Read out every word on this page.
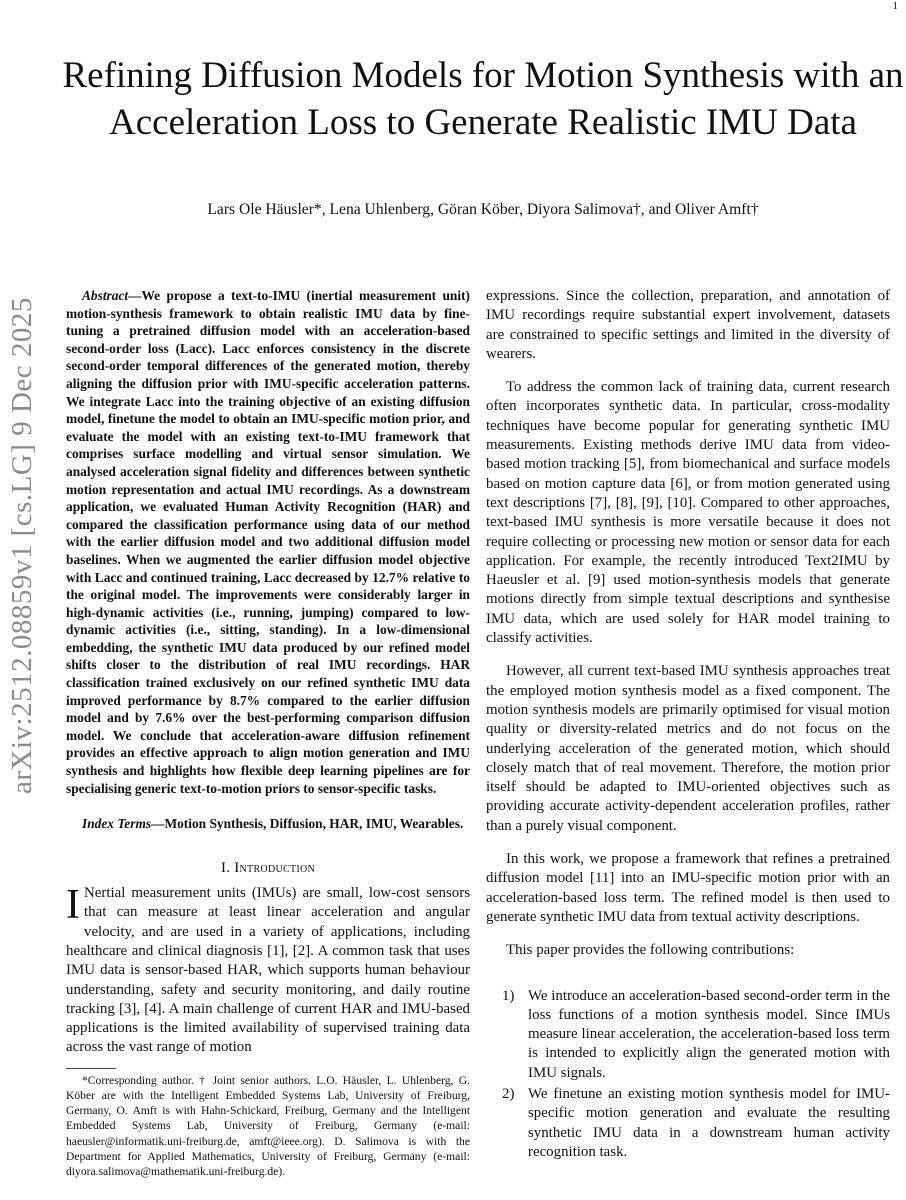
1
arXiv:2512.08859v1 [cs.LG] 9 Dec 2025
Refining Diffusion Models for Motion Synthesis with an Acceleration Loss to Generate Realistic IMU Data
Lars Ole Häusler*, Lena Uhlenberg, Göran Köber, Diyora Salimova†, and Oliver Amft†

Abstract—We propose a text-to-IMU (inertial measurement unit) motion-synthesis framework to obtain realistic IMU data by fine-tuning a pretrained diffusion model with an acceleration-based second-order loss (Lacc). Lacc enforces consistency in the discrete second-order temporal differences of the generated motion, thereby aligning the diffusion prior with IMU-specific acceleration patterns. We integrate Lacc into the training objective of an existing diffusion model, finetune the model to obtain an IMU-specific motion prior, and evaluate the model with an existing text-to-IMU framework that comprises surface modelling and virtual sensor simulation. We analysed acceleration signal fidelity and differences between synthetic motion representation and actual IMU recordings. As a downstream application, we evaluated Human Activity Recognition (HAR) and compared the classification performance using data of our method with the earlier diffusion model and two additional diffusion model baselines. When we augmented the earlier diffusion model objective with Lacc and continued training, Lacc decreased by 12.7% relative to the original model. The improvements were considerably larger in high-dynamic activities (i.e., running, jumping) compared to low-dynamic activities (i.e., sitting, standing). In a low-dimensional embedding, the synthetic IMU data produced by our refined model shifts closer to the distribution of real IMU recordings. HAR classification trained exclusively on our refined synthetic IMU data improved performance by 8.7% compared to the earlier diffusion model and by 7.6% over the best-performing comparison diffusion model. We conclude that acceleration-aware diffusion refinement provides an effective approach to align motion generation and IMU synthesis and highlights how flexible deep learning pipelines are for specialising generic text-to-motion priors to sensor-specific tasks.

Index Terms—Motion Synthesis, Diffusion, HAR, IMU, Wearables.

I. Introduction

I Nertial measurement units (IMUs) are small, low-cost sensors that can measure at least linear acceleration and angular velocity, and are used in a variety of applications, including healthcare and clinical diagnosis [1], [2]. A common task that uses IMU data is sensor-based HAR, which supports human behaviour understanding, safety and security monitoring, and daily routine tracking [3], [4]. A main challenge of current HAR and IMU-based applications is the limited availability of supervised training data across the vast range of motion

*Corresponding author. † Joint senior authors. L.O. Häusler, L. Uhlenberg, G. Köber are with the Intelligent Embedded Systems Lab, University of Freiburg, Germany, O. Amft is with Hahn-Schickard, Freiburg, Germany and the Intelligent Embedded Systems Lab, University of Freiburg, Germany (e-mail: haeusler@informatik.uni-freiburg.de, amft@ieee.org). D. Salimova is with the Department for Applied Mathematics, University of Freiburg, Germany (e-mail: diyora.salimova@mathematik.uni-freiburg.de).

expressions. Since the collection, preparation, and annotation of IMU recordings require substantial expert involvement, datasets are constrained to specific settings and limited in the diversity of wearers.

To address the common lack of training data, current research often incorporates synthetic data. In particular, cross-modality techniques have become popular for generating synthetic IMU measurements. Existing methods derive IMU data from video-based motion tracking [5], from biomechanical and surface models based on motion capture data [6], or from motion generated using text descriptions [7], [8], [9], [10]. Compared to other approaches, text-based IMU synthesis is more versatile because it does not require collecting or processing new motion or sensor data for each application. For example, the recently introduced Text2IMU by Haeusler et al. [9] used motion-synthesis models that generate motions directly from simple textual descriptions and synthesise IMU data, which are used solely for HAR model training to classify activities.

However, all current text-based IMU synthesis approaches treat the employed motion synthesis model as a fixed component. The motion synthesis models are primarily optimised for visual motion quality or diversity-related metrics and do not focus on the underlying acceleration of the generated motion, which should closely match that of real movement. Therefore, the motion prior itself should be adapted to IMU-oriented objectives such as providing accurate activity-dependent acceleration profiles, rather than a purely visual component.

In this work, we propose a framework that refines a pretrained diffusion model [11] into an IMU-specific motion prior with an acceleration-based loss term. The refined model is then used to generate synthetic IMU data from textual activity descriptions.

This paper provides the following contributions:

1) We introduce an acceleration-based second-order term in the loss functions of a motion synthesis model. Since IMUs measure linear acceleration, the acceleration-based loss term is intended to explicitly align the generated motion with IMU signals.
2) We finetune an existing motion synthesis model for IMU-specific motion generation and evaluate the resulting synthetic IMU data in a downstream human activity recognition task.
